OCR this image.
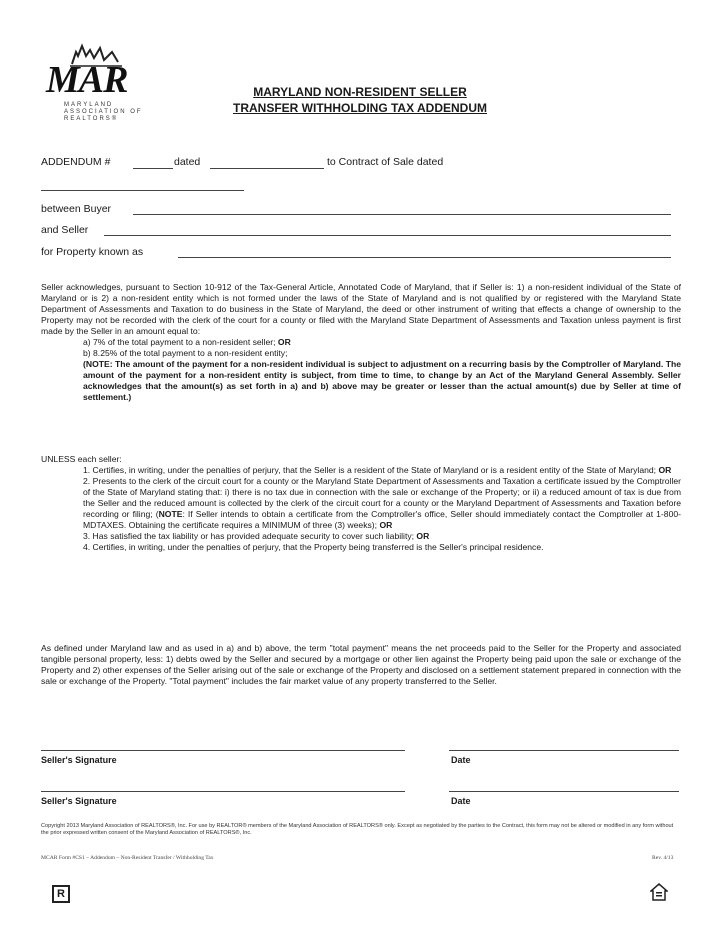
MAR
MARYLAND
ASSOCIATION OF
REALTORS®
MARYLAND NON-RESIDENT SELLER
TRANSFER WITHHOLDING TAX ADDENDUM
ADDENDUM #	dated	to Contract of Sale dated
between Buyer
and Seller
for Property known as
Seller acknowledges, pursuant to Section 10-912 of the Tax-General Article, Annotated Code of Maryland, that if Seller is: 1) a non-resident individual of the State of Maryland or is 2) a non-resident entity which is not formed under the laws of the State of Maryland and is not qualified by or registered with the Maryland State Department of Assessments and Taxation to do business in the State of Maryland, the deed or other instrument of writing that effects a change of ownership to the Property may not be recorded with the clerk of the court for a county or filed with the Maryland State Department of Assessments and Taxation unless payment is first made by the Seller in an amount equal to:
a) 7% of the total payment to a non-resident seller; OR
b) 8.25% of the total payment to a non-resident entity;
(NOTE: The amount of the payment for a non-resident individual is subject to adjustment on a recurring basis by the Comptroller of Maryland. The amount of the payment for a non-resident entity is subject, from time to time, to change by an Act of the Maryland General Assembly. Seller acknowledges that the amount(s) as set forth in a) and b) above may be greater or lesser than the actual amount(s) due by Seller at time of settlement.)
UNLESS each seller:
1. Certifies, in writing, under the penalties of perjury, that the Seller is a resident of the State of Maryland or is a resident entity of the State of Maryland; OR
2. Presents to the clerk of the circuit court for a county or the Maryland State Department of Assessments and Taxation a certificate issued by the Comptroller of the State of Maryland stating that: i) there is no tax due in connection with the sale or exchange of the Property; or ii) a reduced amount of tax is due from the Seller and the reduced amount is collected by the clerk of the circuit court for a county or the Maryland Department of Assessments and Taxation before recording or filing; (NOTE: If Seller intends to obtain a certificate from the Comptroller's office, Seller should immediately contact the Comptroller at 1-800-MDTAXES. Obtaining the certificate requires a MINIMUM of three (3) weeks); OR
3. Has satisfied the tax liability or has provided adequate security to cover such liability; OR
4. Certifies, in writing, under the penalties of perjury, that the Property being transferred is the Seller's principal residence.
As defined under Maryland law and as used in a) and b) above, the term "total payment" means the net proceeds paid to the Seller for the Property and associated tangible personal property, less: 1) debts owed by the Seller and secured by a mortgage or other lien against the Property being paid upon the sale or exchange of the Property and 2) other expenses of the Seller arising out of the sale or exchange of the Property and disclosed on a settlement statement prepared in connection with the sale or exchange of the Property. "Total payment" includes the fair market value of any property transferred to the Seller.
Seller's Signature	Date
Seller's Signature	Date
Copyright 2013 Maryland Association of REALTORS®, Inc. For use by REALTOR® members of the Maryland Association of REALTORS® only. Except as negotiated by the parties to the Contract, this form may not be altered or modified in any form without the prior expressed written consent of the Maryland Association of REALTORS®, Inc.
MCAR Form #CS1 – Addendum – Non-Resident Transfer / Withholding Tax	Rev. 4/13
R
